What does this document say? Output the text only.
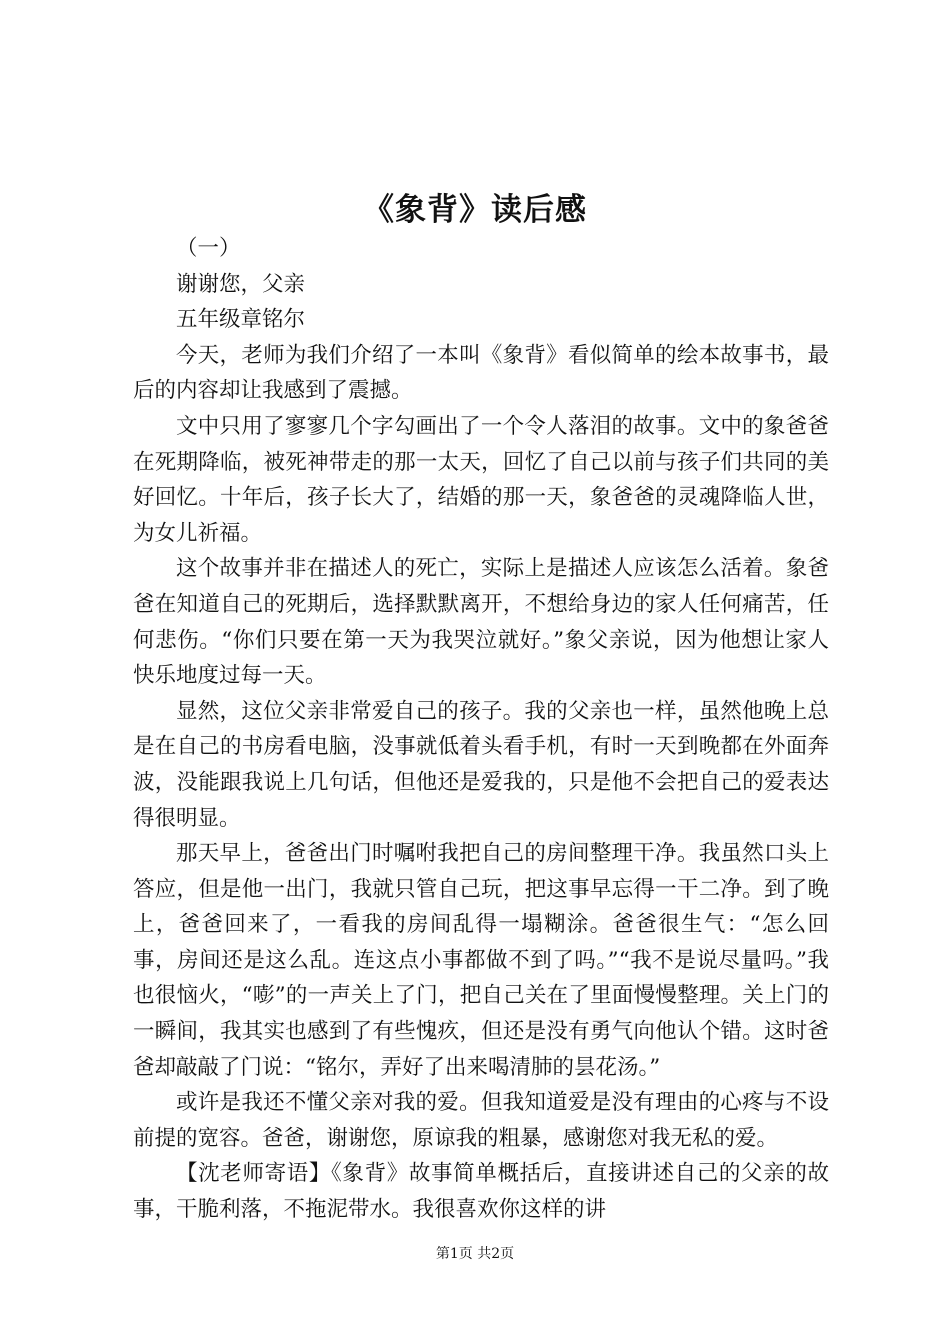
《象背》读后感

（一）

谢谢您，父亲

五年级章铭尔

今天，老师为我们介绍了一本叫《象背》看似简单的绘本故事书，最后的内容却让我感到了震撼。

文中只用了寥寥几个字勾画出了一个令人落泪的故事。文中的象爸爸在死期降临，被死神带走的那一太天，回忆了自己以前与孩子们共同的美好回忆。十年后，孩子长大了，结婚的那一天，象爸爸的灵魂降临人世，为女儿祈福。

这个故事并非在描述人的死亡，实际上是描述人应该怎么活着。象爸爸在知道自己的死期后，选择默默离开，不想给身边的家人任何痛苦，任何悲伤。“你们只要在第一天为我哭泣就好。”象父亲说，因为他想让家人快乐地度过每一天。

显然，这位父亲非常爱自己的孩子。我的父亲也一样，虽然他晚上总是在自己的书房看电脑，没事就低着头看手机，有时一天到晚都在外面奔波，没能跟我说上几句话，但他还是爱我的，只是他不会把自己的爱表达得很明显。

那天早上，爸爸出门时嘱咐我把自己的房间整理干净。我虽然口头上答应，但是他一出门，我就只管自己玩，把这事早忘得一干二净。到了晚上，爸爸回来了，一看我的房间乱得一塌糊涂。爸爸很生气：“怎么回事，房间还是这么乱。连这点小事都做不到了吗。”“我不是说尽量吗。”我也很恼火，“嘭”的一声关上了门，把自己关在了里面慢慢整理。关上门的一瞬间，我其实也感到了有些愧疚，但还是没有勇气向他认个错。这时爸爸却敲敲了门说：“铭尔，弄好了出来喝清肺的昙花汤。”

或许是我还不懂父亲对我的爱。但我知道爱是没有理由的心疼与不设前提的宽容。爸爸，谢谢您，原谅我的粗暴，感谢您对我无私的爱。

【沈老师寄语】《象背》故事简单概括后，直接讲述自己的父亲的故事，干脆利落，不拖泥带水。我很喜欢你这样的讲

第1页 共2页
